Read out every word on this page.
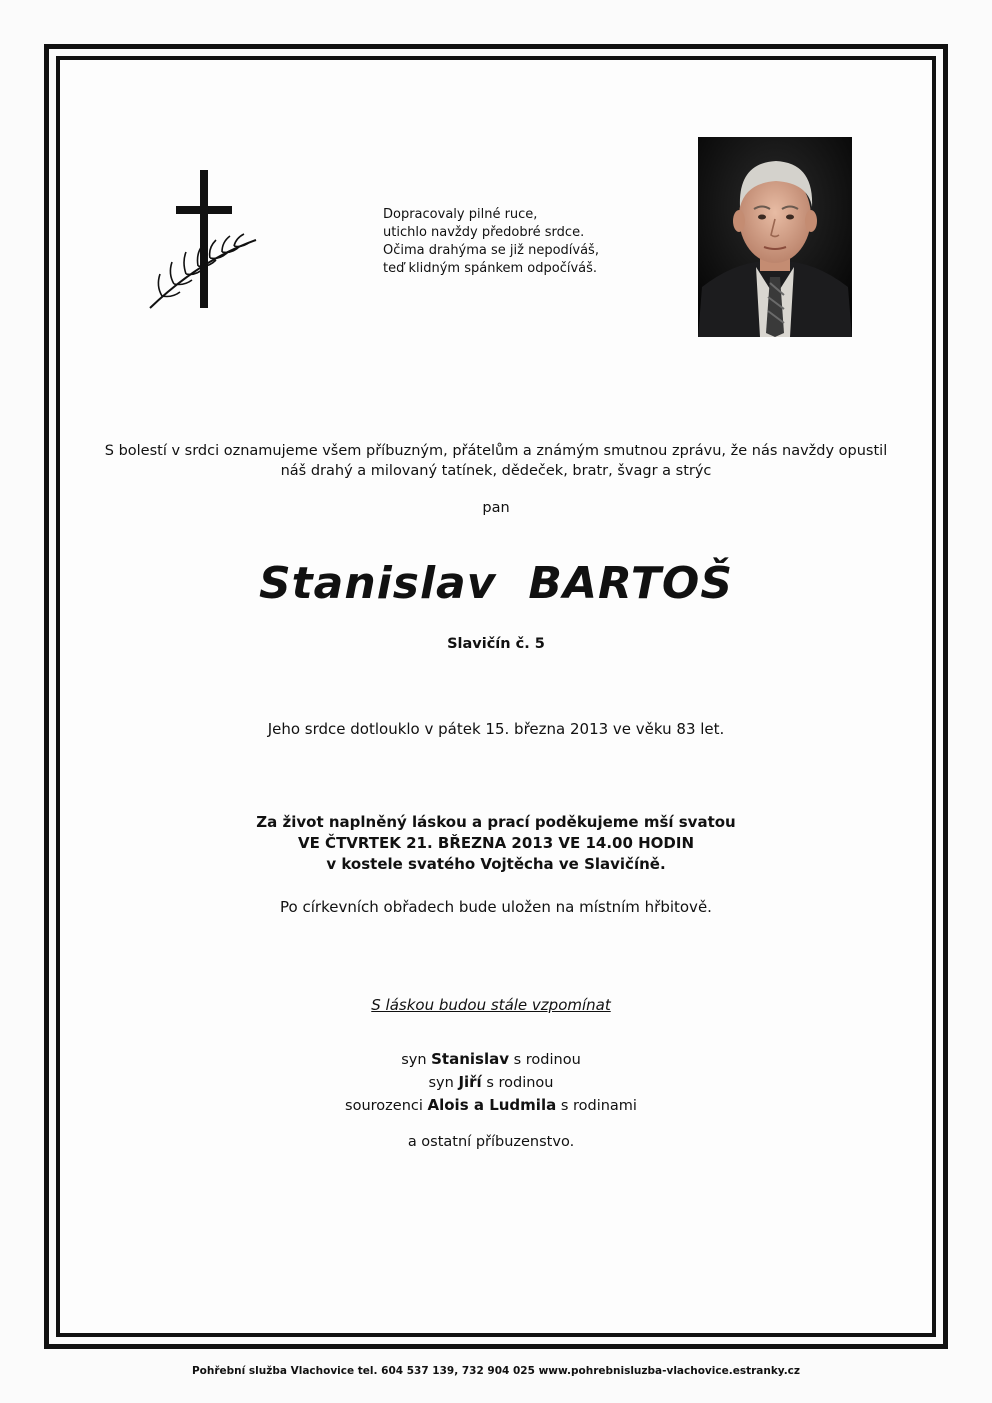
Dopracovaly pilné ruce,
utichlo navždy předobré srdce.
Očima drahýma se již nepodíváš,
teď klidným spánkem odpočíváš.
S bolestí v srdci oznamujeme všem příbuzným, přátelům a známým smutnou zprávu, že nás navždy opustil
náš drahý a milovaný tatínek, dědeček, bratr, švagr a strýc
pan
Stanislav BARTOŠ
Slavičín č. 5
Jeho srdce dotlouklo v pátek 15. března 2013 ve věku 83 let.
Za život naplněný láskou a prací poděkujeme mší svatou
VE ČTVRTEK 21. BŘEZNA 2013 VE 14.00 HODIN
v kostele svatého Vojtěcha ve Slavičíně.
Po církevních obřadech bude uložen na místním hřbitově.
S láskou budou stále vzpomínat
syn Stanislav s rodinou
syn Jiří s rodinou
sourozenci Alois a Ludmila s rodinami
a ostatní příbuzenstvo.
Pohřební služba Vlachovice tel. 604 537 139, 732 904 025 www.pohrebnisluzba-vlachovice.estranky.cz
